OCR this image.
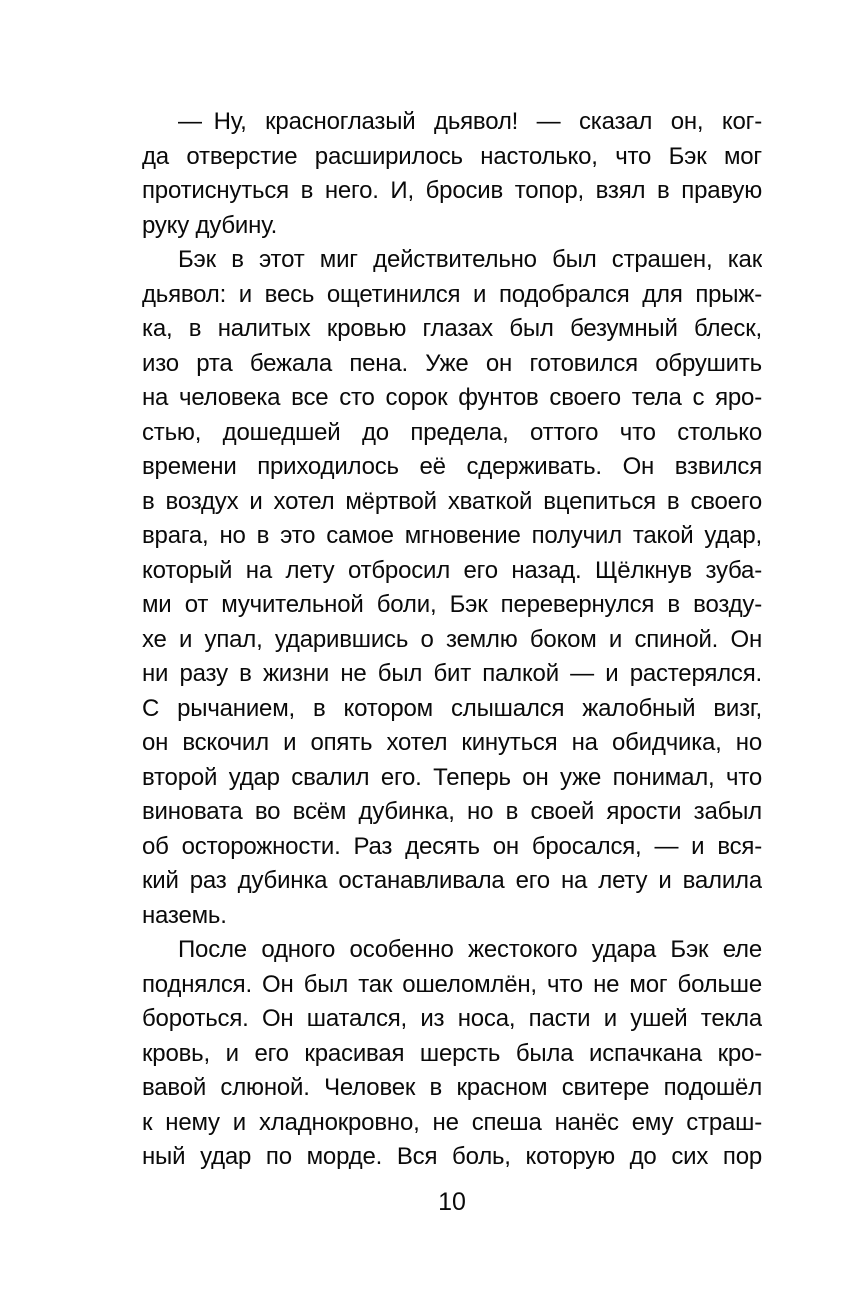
— Ну, красноглазый дьявол! — сказал он, ког-
да отверстие расширилось настолько, что Бэк мог
протиснуться в него. И, бросив топор, взял в правую
руку дубину.
Бэк в этот миг действительно был страшен, как
дьявол: и весь ощетинился и подобрался для прыж-
ка, в налитых кровью глазах был безумный блеск,
изо рта бежала пена. Уже он готовился обрушить
на человека все сто сорок фунтов своего тела с яро-
стью, дошедшей до предела, оттого что столько
времени приходилось её сдерживать. Он взвился
в воздух и хотел мёртвой хваткой вцепиться в своего
врага, но в это самое мгновение получил такой удар,
который на лету отбросил его назад. Щёлкнув зуба-
ми от мучительной боли, Бэк перевернулся в возду-
хе и упал, ударившись о землю боком и спиной. Он
ни разу в жизни не был бит палкой — и растерялся.
С рычанием, в котором слышался жалобный визг,
он вскочил и опять хотел кинуться на обидчика, но
второй удар свалил его. Теперь он уже понимал, что
виновата во всём дубинка, но в своей ярости забыл
об осторожности. Раз десять он бросался, — и вся-
кий раз дубинка останавливала его на лету и валила
наземь.
После одного особенно жестокого удара Бэк еле
поднялся. Он был так ошеломлён, что не мог больше
бороться. Он шатался, из носа, пасти и ушей текла
кровь, и его красивая шерсть была испачкана кро-
вавой слюной. Человек в красном свитере подошёл
к нему и хладнокровно, не спеша нанёс ему страш-
ный удар по морде. Вся боль, которую до сих пор
10
